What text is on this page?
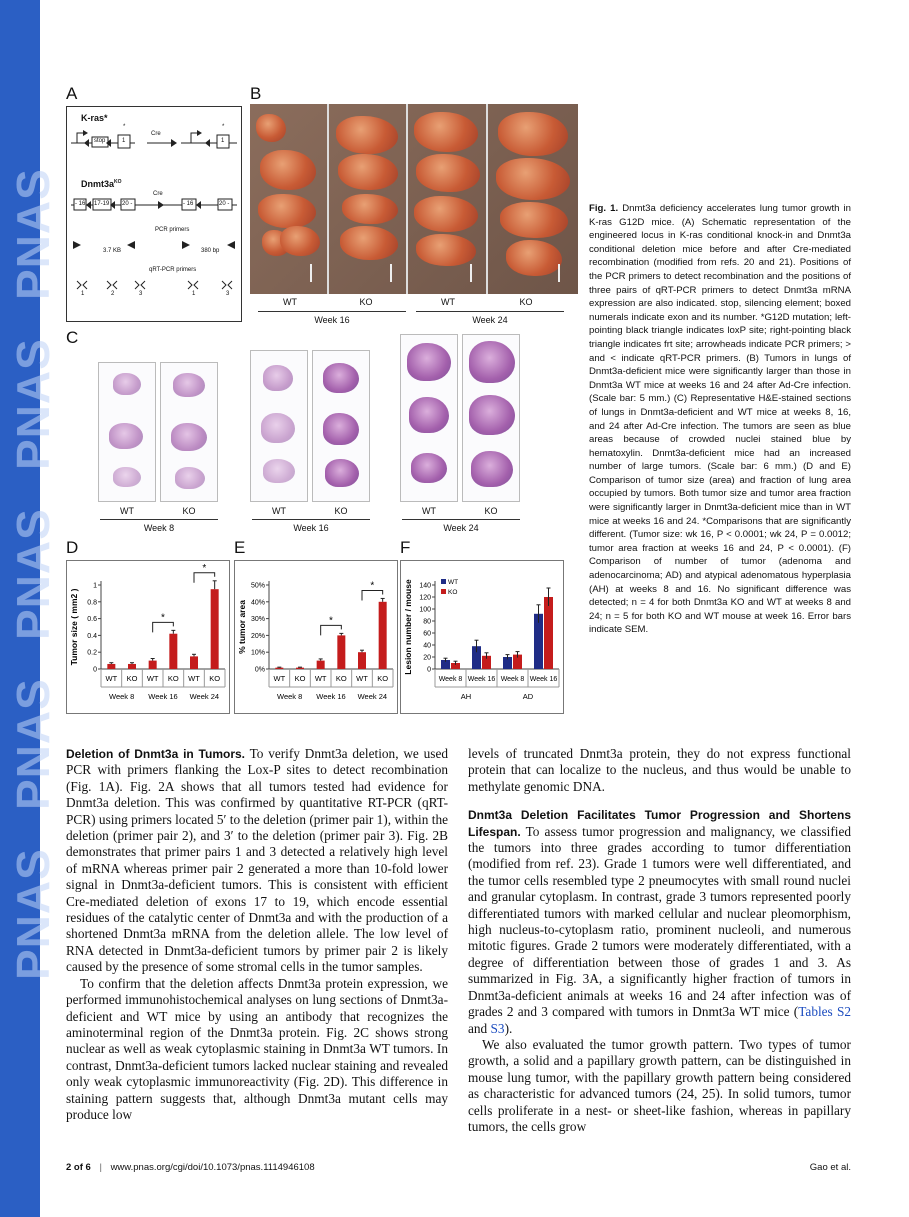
PNAS
PNAS
PNAS
PNAS
PNAS
A	B
C
D	E	F
K-ras*
*	*
stop	1	1
Cre
$Dnmt3a^{KO}$
- 16 17-19 20 -
Cre
- 16	20 -
PCR primers
3.7 KB	380 bp
qRT-PCR primers
1	2	3	1	3
WT	KO
Week 16
WT	KO
Week 24
WT	KO
Week 8
WT	KO
Week 16
WT	KO
Week 24
0
0.2
0.4
0.6
0.8
1
Tumor size ( mm2 )
WT KO WT KO WT KO
Week 8 Week 16 Week 24
*
*
0%
10%
20%
30%
40%
50%
% tumor area
WT KO WT KO WT KO
Week 8 Week 16 Week 24
*
*
0
20
40
60
80
100
120
140
Lesion number / mouse
Week 8 Week 16 Week 8 Week 16
AH	AD
WT
KO
Fig. 1. Dnmt3a deficiency accelerates lung tumor growth in K-ras G12D mice. (A) Schematic representation of the engineered locus in K-ras conditional knock-in and Dnmt3a conditional deletion mice before and after Cre-mediated recombination (modified from refs. 20 and 21). Positions of the PCR primers to detect recombination and the positions of three pairs of qRT-PCR primers to detect Dnmt3a mRNA expression are also indicated. stop, silencing element; boxed numerals indicate exon and its number. *G12D mutation; left-pointing black triangle indicates loxP site; right-pointing black triangle indicates frt site; arrowheads indicate PCR primers; > and < indicate qRT-PCR primers. (B) Tumors in lungs of Dnmt3a-deficient mice were significantly larger than those in Dnmt3a WT mice at weeks 16 and 24 after Ad-Cre infection. (Scale bar: 5 mm.) (C) Representative H&E-stained sections of lungs in Dnmt3a-deficient and WT mice at weeks 8, 16, and 24 after Ad-Cre infection. The tumors are seen as blue areas because of crowded nuclei stained blue by hematoxylin. Dnmt3a-deficient mice had an increased number of large tumors. (Scale bar: 6 mm.) (D and E) Comparison of tumor size (area) and fraction of lung area occupied by tumors. Both tumor size and tumor area fraction were significantly larger in Dnmt3a-deficient mice than in WT mice at weeks 16 and 24. *Comparisons that are significantly different. (Tumor size: wk 16, P < 0.0001; wk 24, P = 0.0012; tumor area fraction at weeks 16 and 24, P < 0.0001). (F) Comparison of number of tumor (adenoma and adenocarcinoma; AD) and atypical adenomatous hyperplasia (AH) at weeks 8 and 16. No significant difference was detected; n = 4 for both Dnmt3a KO and WT at weeks 8 and 24; n = 5 for both KO and WT mouse at week 16. Error bars indicate SEM.

Deletion of Dnmt3a in Tumors. To verify Dnmt3a deletion, we used PCR with primers flanking the Lox-P sites to detect recombination (Fig. 1A). Fig. 2A shows that all tumors tested had evidence for Dnmt3a deletion. This was confirmed by quantitative RT-PCR (qRT-PCR) using primers located 5′ to the deletion (primer pair 1), within the deletion (primer pair 2), and 3′ to the deletion (primer pair 3). Fig. 2B demonstrates that primer pairs 1 and 3 detected a relatively high level of mRNA whereas primer pair 2 generated a more than 10-fold lower signal in Dnmt3a-deficient tumors. This is consistent with efficient Cre-mediated deletion of exons 17 to 19, which encode essential residues of the catalytic center of Dnmt3a and with the production of a shortened Dnmt3a mRNA from the deletion allele. The low level of RNA detected in Dnmt3a-deficient tumors by primer pair 2 is likely caused by the presence of some stromal cells in the tumor samples.

To confirm that the deletion affects Dnmt3a protein expression, we performed immunohistochemical analyses on lung sections of Dnmt3a-deficient and WT mice by using an antibody that recognizes the aminoterminal region of the Dnmt3a protein. Fig. 2C shows strong nuclear as well as weak cytoplasmic staining in Dnmt3a WT tumors. In contrast, Dnmt3a-deficient tumors lacked nuclear staining and revealed only weak cytoplasmic immunoreactivity (Fig. 2D). This difference in staining pattern suggests that, although Dnmt3a mutant cells may produce low

levels of truncated Dnmt3a protein, they do not express functional protein that can localize to the nucleus, and thus would be unable to methylate genomic DNA.

Dnmt3a Deletion Facilitates Tumor Progression and Shortens Lifespan. To assess tumor progression and malignancy, we classified the tumors into three grades according to tumor differentiation (modified from ref. 23). Grade 1 tumors were well differentiated, and the tumor cells resembled type 2 pneumocytes with small round nuclei and granular cytoplasm. In contrast, grade 3 tumors represented poorly differentiated tumors with marked cellular and nuclear pleomorphism, high nucleus-to-cytoplasm ratio, prominent nucleoli, and numerous mitotic figures. Grade 2 tumors were moderately differentiated, with a degree of differentiation between those of grades 1 and 3. As summarized in Fig. 3A, a significantly higher fraction of tumors in Dnmt3a-deficient animals at weeks 16 and 24 after infection was of grades 2 and 3 compared with tumors in Dnmt3a WT mice (Tables S2 and S3).

We also evaluated the tumor growth pattern. Two types of tumor growth, a solid and a papillary growth pattern, can be distinguished in mouse lung tumor, with the papillary growth pattern being considered as characteristic for advanced tumors (24, 25). In solid tumors, tumor cells proliferate in a nest- or sheet-like fashion, whereas in papillary tumors, the cells grow

2 of 6 | www.pnas.org/cgi/doi/10.1073/pnas.1114946108	Gao et al.
